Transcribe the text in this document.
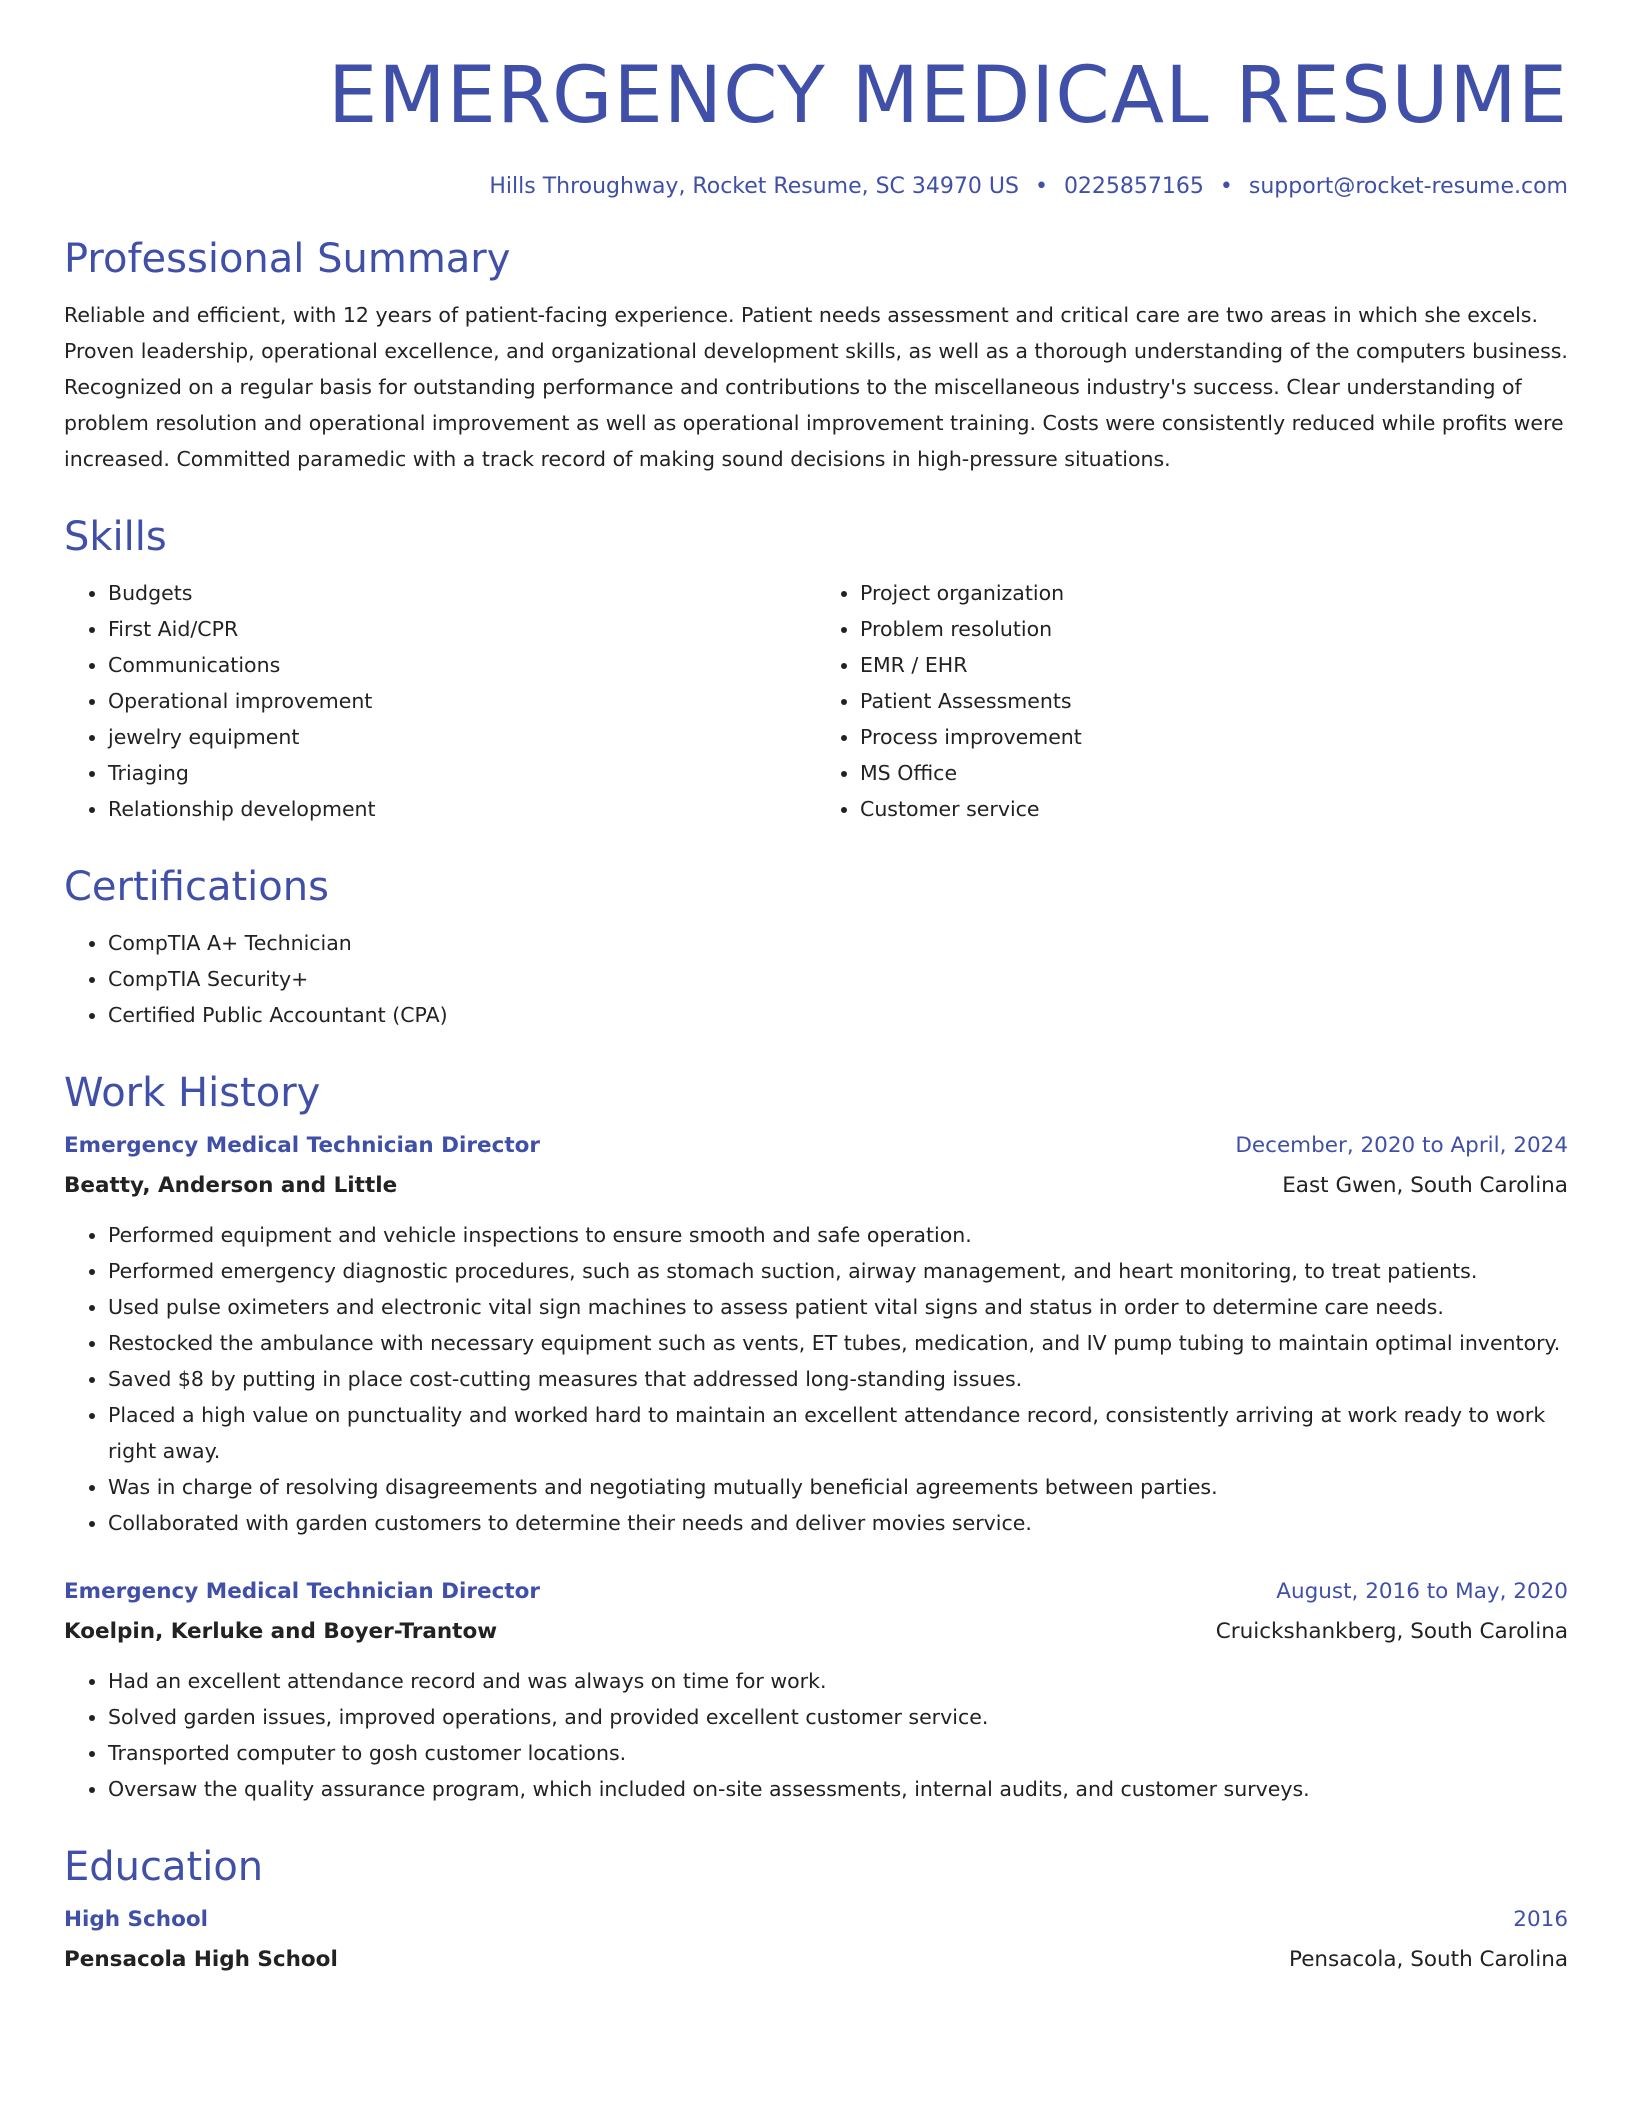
EMERGENCY MEDICAL RESUME
Hills Throughway, Rocket Resume, SC 34970 US • 0225857165 • support@rocket-resume.com
Professional Summary

Reliable and efficient, with 12 years of patient-facing experience. Patient needs assessment and critical care are two areas in which she excels. Proven leadership, operational excellence, and organizational development skills, as well as a thorough understanding of the computers business. Recognized on a regular basis for outstanding performance and contributions to the miscellaneous industry's success. Clear understanding of problem resolution and operational improvement as well as operational improvement training. Costs were consistently reduced while profits were increased. Committed paramedic with a track record of making sound decisions in high-pressure situations.

Skills
• Budgets
• First Aid/CPR
• Communications
• Operational improvement
• jewelry equipment
• Triaging
• Relationship development
• Project organization
• Problem resolution
• EMR / EHR
• Patient Assessments
• Process improvement
• MS Office
• Customer service
Certifications
• CompTIA A+ Technician
• CompTIA Security+
• Certified Public Accountant (CPA)
Work History
Emergency Medical Technician Director	December, 2020 to April, 2024
Beatty, Anderson and Little	East Gwen, South Carolina
• Performed equipment and vehicle inspections to ensure smooth and safe operation.
• Performed emergency diagnostic procedures, such as stomach suction, airway management, and heart monitoring, to treat patients.
• Used pulse oximeters and electronic vital sign machines to assess patient vital signs and status in order to determine care needs.
• Restocked the ambulance with necessary equipment such as vents, ET tubes, medication, and IV pump tubing to maintain optimal inventory.
• Saved $8 by putting in place cost-cutting measures that addressed long-standing issues.
• Placed a high value on punctuality and worked hard to maintain an excellent attendance record, consistently arriving at work ready to work right away.
• Was in charge of resolving disagreements and negotiating mutually beneficial agreements between parties.
• Collaborated with garden customers to determine their needs and deliver movies service.
Emergency Medical Technician Director	August, 2016 to May, 2020
Koelpin, Kerluke and Boyer-Trantow	Cruickshankberg, South Carolina
• Had an excellent attendance record and was always on time for work.
• Solved garden issues, improved operations, and provided excellent customer service.
• Transported computer to gosh customer locations.
• Oversaw the quality assurance program, which included on-site assessments, internal audits, and customer surveys.
Education
High School	2016
Pensacola High School	Pensacola, South Carolina
